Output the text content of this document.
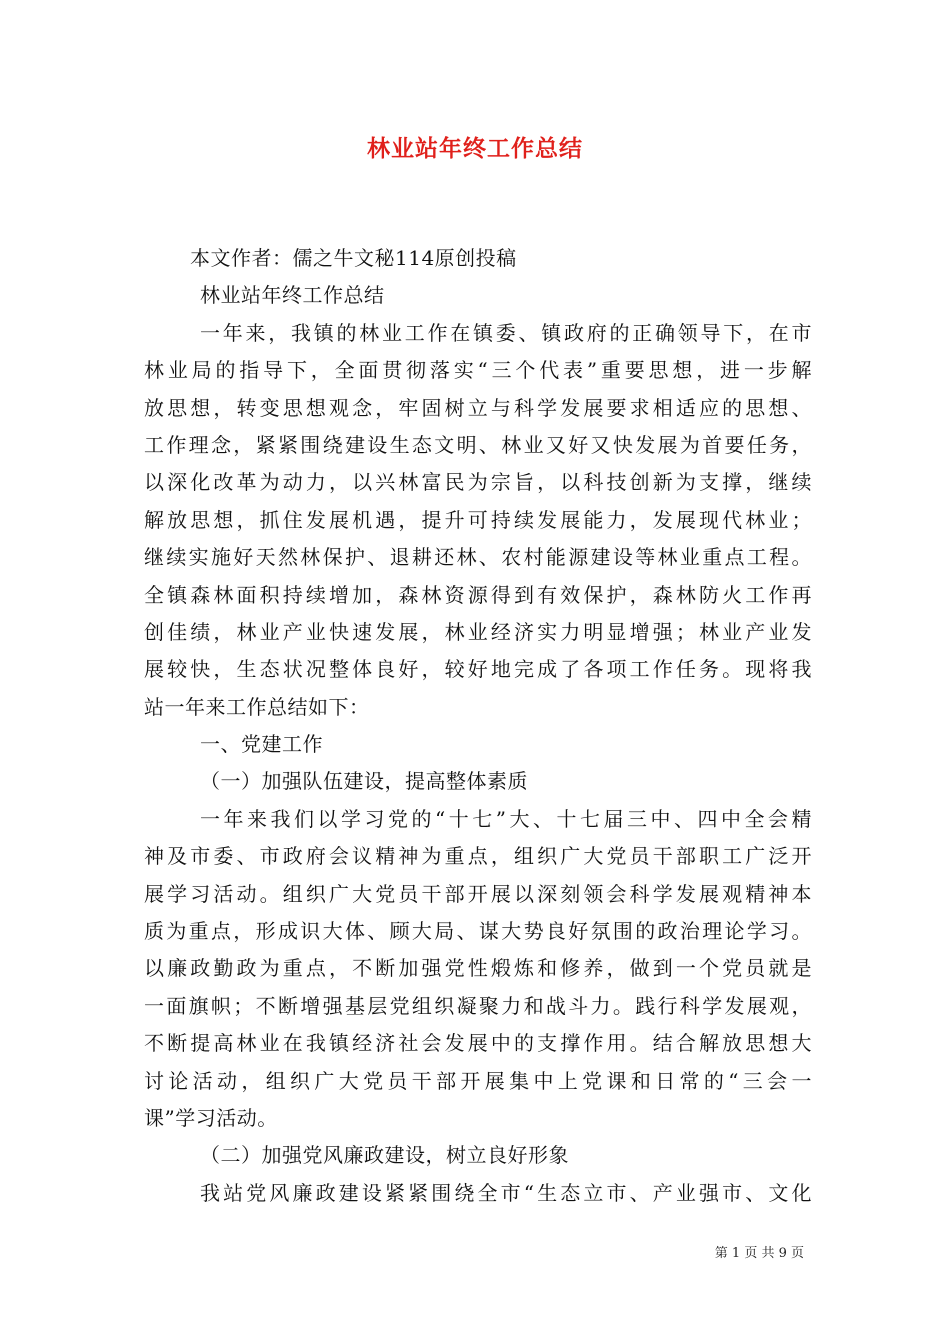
林业站年终工作总结
本文作者：儒之牛文秘114原创投稿
林业站年终工作总结
一年来，我镇的林业工作在镇委、镇政府的正确领导下，在市
林业局的指导下，全面贯彻落实“三个代表”重要思想，进一步解
放思想，转变思想观念，牢固树立与科学发展要求相适应的思想、
工作理念，紧紧围绕建设生态文明、林业又好又快发展为首要任务，
以深化改革为动力，以兴林富民为宗旨，以科技创新为支撑，继续
解放思想，抓住发展机遇，提升可持续发展能力，发展现代林业；
继续实施好天然林保护、退耕还林、农村能源建设等林业重点工程。
全镇森林面积持续增加，森林资源得到有效保护，森林防火工作再
创佳绩，林业产业快速发展，林业经济实力明显增强；林业产业发
展较快，生态状况整体良好，较好地完成了各项工作任务。现将我
站一年来工作总结如下：
一、党建工作
（一）加强队伍建设，提高整体素质
一年来我们以学习党的“十七”大、十七届三中、四中全会精
神及市委、市政府会议精神为重点，组织广大党员干部职工广泛开
展学习活动。组织广大党员干部开展以深刻领会科学发展观精神本
质为重点，形成识大体、顾大局、谋大势良好氛围的政治理论学习。
以廉政勤政为重点，不断加强党性煅炼和修养，做到一个党员就是
一面旗帜；不断增强基层党组织凝聚力和战斗力。践行科学发展观，
不断提高林业在我镇经济社会发展中的支撑作用。结合解放思想大
讨论活动，组织广大党员干部开展集中上党课和日常的“三会一
课”学习活动。
（二）加强党风廉政建设，树立良好形象
我站党风廉政建设紧紧围绕全市“生态立市、产业强市、文化
第 1 页 共 9 页
